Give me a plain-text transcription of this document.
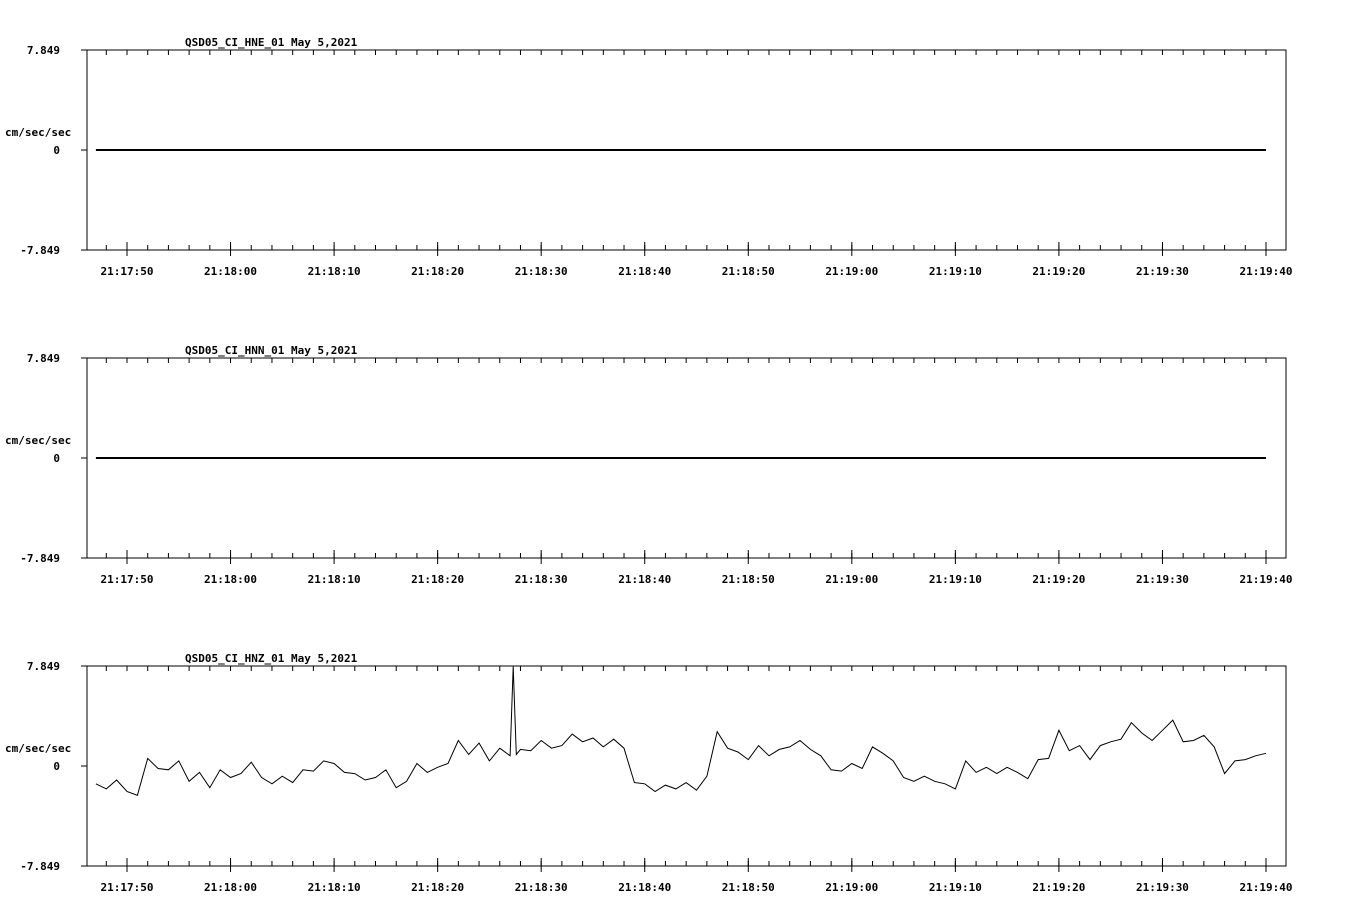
7.849
0
-7.849
cm/sec/sec
QSD05_CI_HNE_01 May 5,2021
21:17:50	21:18:00	21:18:10	21:18:20	21:18:30	21:18:40	21:18:50	21:19:00	21:19:10	21:19:20	21:19:30	21:19:40
7.849
0
-7.849
cm/sec/sec
QSD05_CI_HNN_01 May 5,2021
21:17:50	21:18:00	21:18:10	21:18:20	21:18:30	21:18:40	21:18:50	21:19:00	21:19:10	21:19:20	21:19:30	21:19:40
7.849
0
-7.849
cm/sec/sec
QSD05_CI_HNZ_01 May 5,2021
21:17:50	21:18:00	21:18:10	21:18:20	21:18:30	21:18:40	21:18:50	21:19:00	21:19:10	21:19:20	21:19:30	21:19:40
